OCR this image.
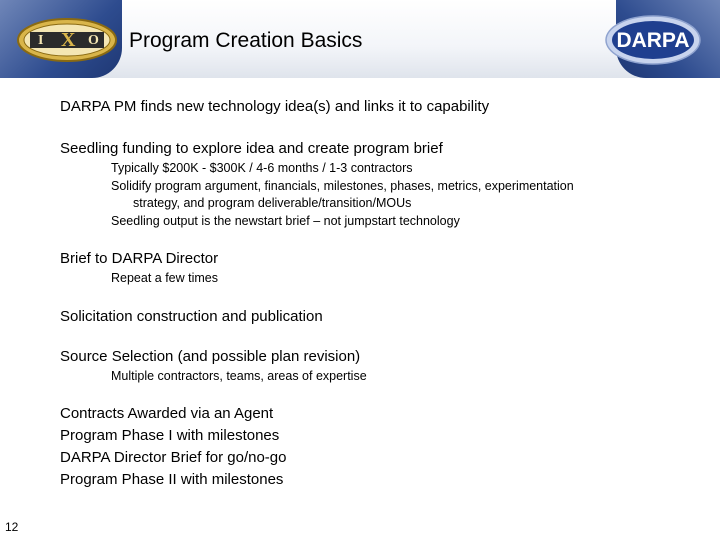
I X O	DARPA
Program Creation Basics
DARPA PM finds new technology idea(s) and links it to capability
Seedling funding to explore idea and create program brief
Typically $200K - $300K / 4-6 months / 1-3 contractors
Solidify program argument, financials, milestones, phases, metrics, experimentation
strategy, and program deliverable/transition/MOUs
Seedling output is the newstart brief – not jumpstart technology
Brief to DARPA Director
Repeat a few times
Solicitation construction and publication
Source Selection (and possible plan revision)
Multiple contractors, teams, areas of expertise
Contracts Awarded via an Agent
Program Phase I with milestones
DARPA Director Brief for go/no-go
Program Phase II with milestones
12
